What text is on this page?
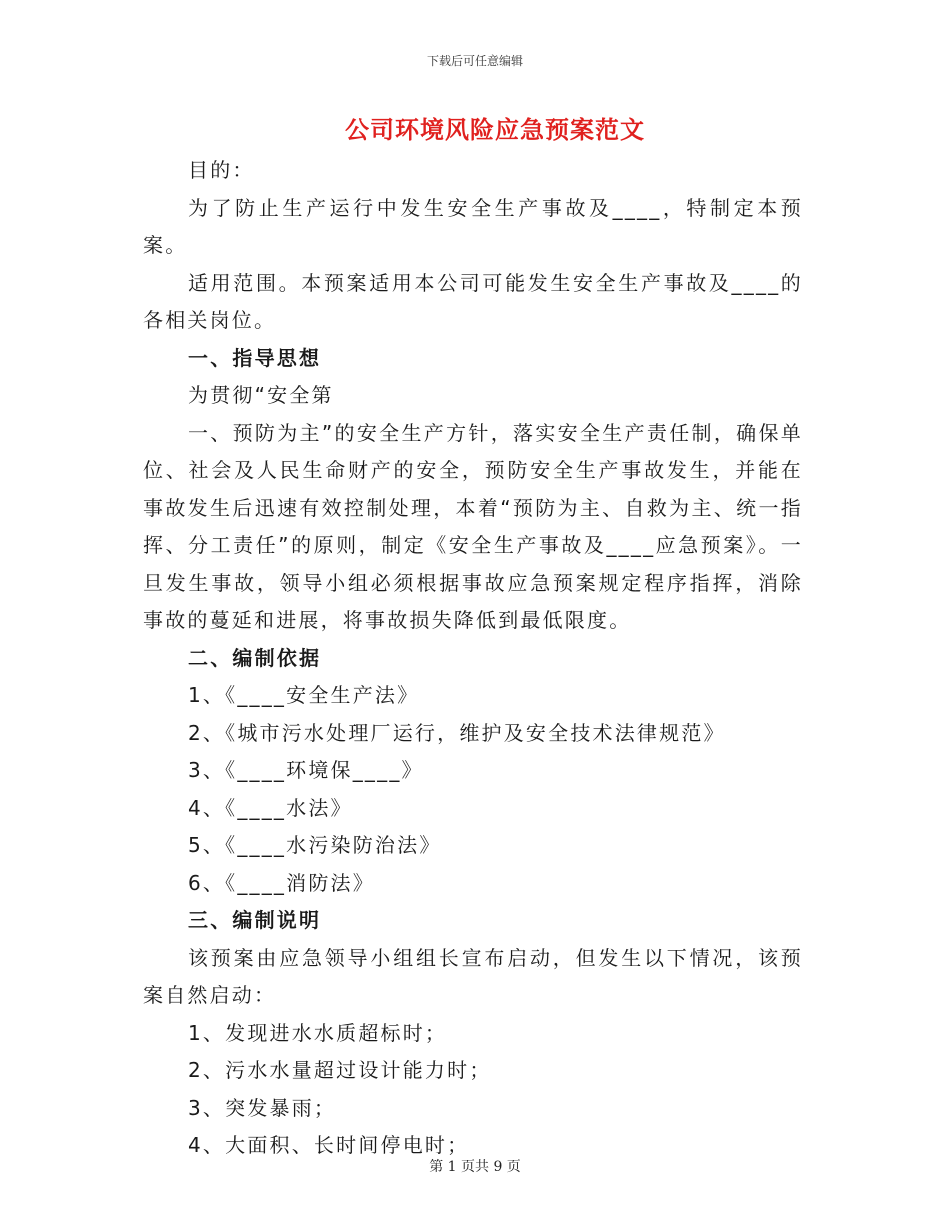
下载后可任意编辑
公司环境风险应急预案范文

目的：

为了防止生产运行中发生安全生产事故及____，特制定本预案。

适用范围。本预案适用本公司可能发生安全生产事故及____的各相关岗位。

一、指导思想

为贯彻“安全第

一、预防为主”的安全生产方针，落实安全生产责任制，确保单位、社会及人民生命财产的安全，预防安全生产事故发生，并能在事故发生后迅速有效控制处理，本着“预防为主、自救为主、统一指挥、分工责任”的原则，制定《安全生产事故及____应急预案》。一旦发生事故，领导小组必须根据事故应急预案规定程序指挥，消除事故的蔓延和进展，将事故损失降低到最低限度。

二、编制依据

1、《____安全生产法》

2、《城市污水处理厂运行，维护及安全技术法律规范》

3、《____环境保____》

4、《____水法》

5、《____水污染防治法》

6、《____消防法》

三、编制说明

该预案由应急领导小组组长宣布启动，但发生以下情况，该预案自然启动：

1、发现进水水质超标时；

2、污水水量超过设计能力时；

3、突发暴雨；

4、大面积、长时间停电时；

第 1 页共 9 页
